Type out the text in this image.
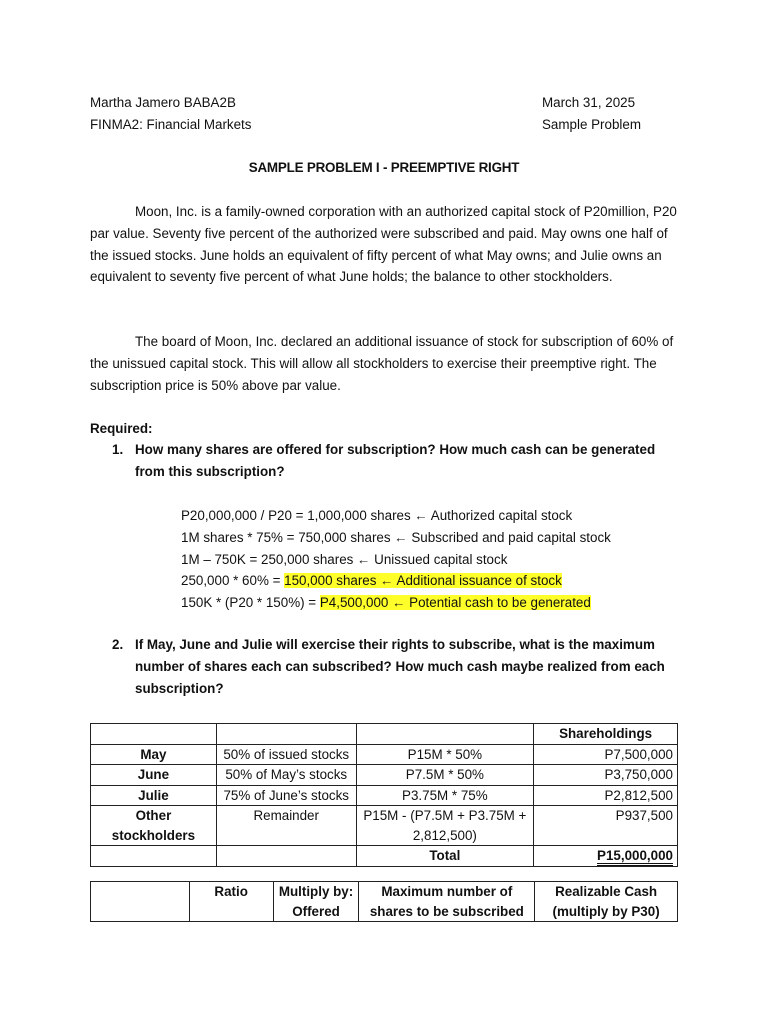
Martha Jamero BABA2B
FINMA2: Financial Markets
March 31, 2025
Sample Problem
SAMPLE PROBLEM I - PREEMPTIVE RIGHT

Moon, Inc. is a family-owned corporation with an authorized capital stock of P20million, P20 par value. Seventy five percent of the authorized were subscribed and paid. May owns one half of the issued stocks. June holds an equivalent of fifty percent of what May owns; and Julie owns an equivalent to seventy five percent of what June holds; the balance to other stockholders.

The board of Moon, Inc. declared an additional issuance of stock for subscription of 60% of the unissued capital stock. This will allow all stockholders to exercise their preemptive right. The subscription price is 50% above par value.

Required:
1. How many shares are offered for subscription? How much cash can be generated from this subscription?
P20,000,000 / P20 = 1,000,000 shares ← Authorized capital stock
1M shares * 75% = 750,000 shares ← Subscribed and paid capital stock
1M – 750K = 250,000 shares ← Unissued capital stock
250,000 * 60% = 150,000 shares ← Additional issuance of stock
150K * (P20 * 150%) = P4,500,000 ← Potential cash to be generated
2. If May, June and Julie will exercise their rights to subscribe, what is the maximum number of shares each can subscribed? How much cash maybe realized from each subscription?
			Shareholdings
May	50% of issued stocks	P15M * 50%	P7,500,000
June	50% of May’s stocks	P7.5M * 50%	P3,750,000
Julie	75% of June’s stocks	P3.75M * 75%	P2,812,500
Other stockholders	Remainder	P15M - (P7.5M + P3.75M + 2,812,500)	P937,500
		Total	P15,000,000
	Ratio	Multiply by: Offered	Maximum number of shares to be subscribed	Realizable Cash (multiply by P30)
